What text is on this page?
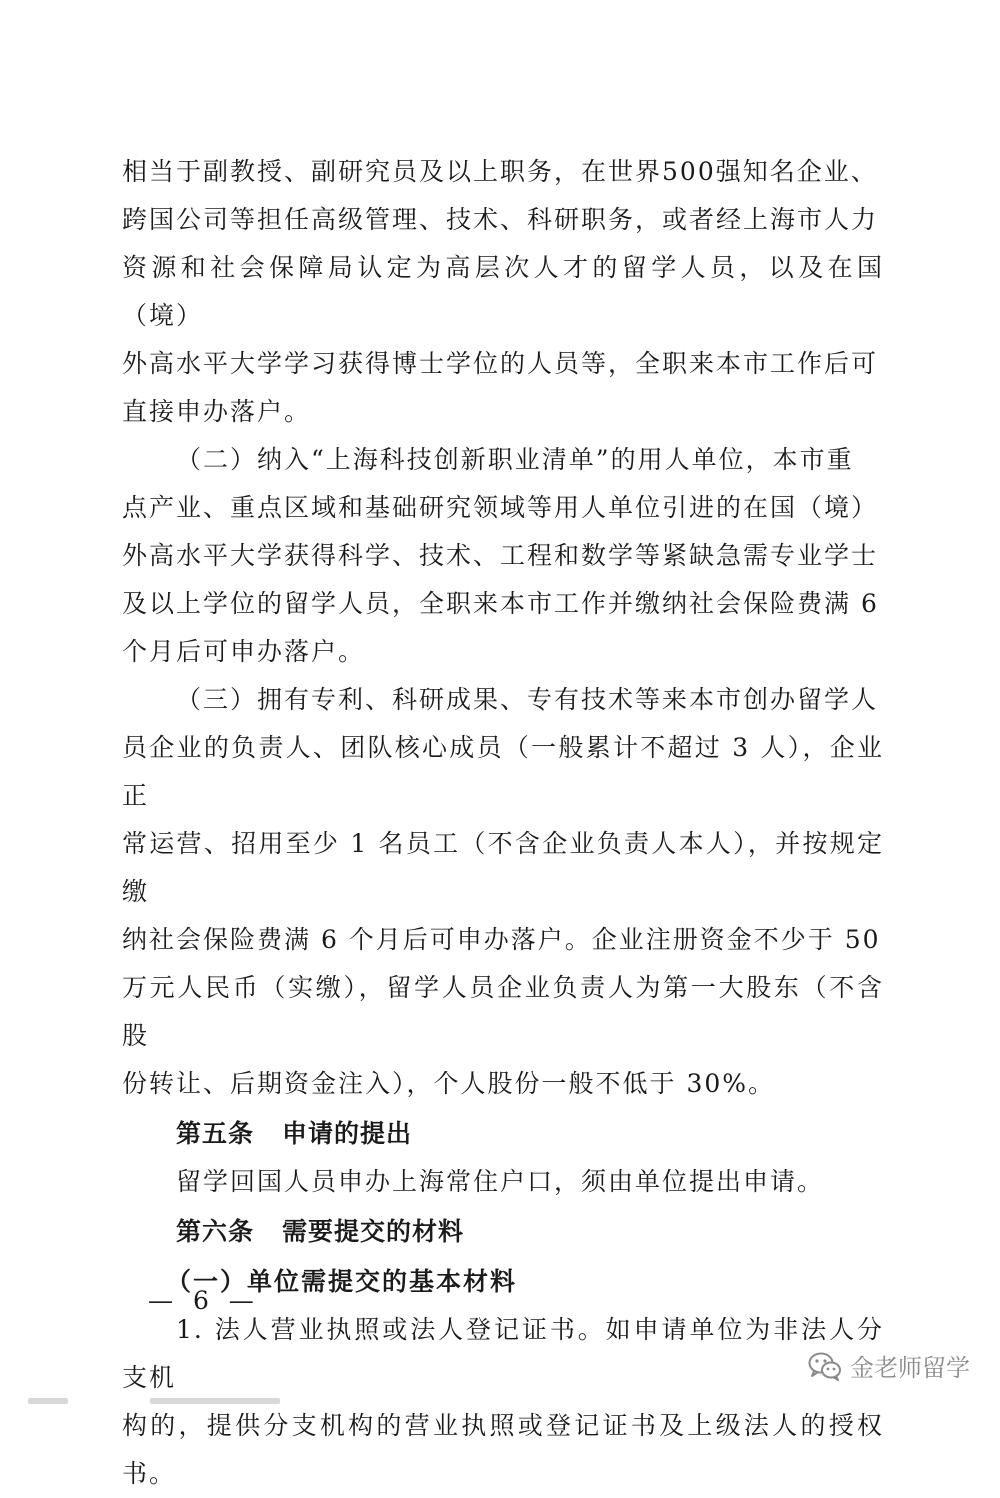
相当于副教授、副研究员及以上职务，在世界500强知名企业、
跨国公司等担任高级管理、技术、科研职务，或者经上海市人力
资源和社会保障局认定为高层次人才的留学人员，以及在国（境）
外高水平大学学习获得博士学位的人员等，全职来本市工作后可
直接申办落户。

（二）纳入“上海科技创新职业清单”的用人单位，本市重
点产业、重点区域和基础研究领域等用人单位引进的在国（境）
外高水平大学获得科学、技术、工程和数学等紧缺急需专业学士
及以上学位的留学人员，全职来本市工作并缴纳社会保险费满 6
个月后可申办落户。

（三）拥有专利、科研成果、专有技术等来本市创办留学人
员企业的负责人、团队核心成员（一般累计不超过 3 人），企业正
常运营、招用至少 1 名员工（不含企业负责人本人），并按规定缴
纳社会保险费满 6 个月后可申办落户。企业注册资金不少于 50
万元人民币（实缴），留学人员企业负责人为第一大股东（不含股
份转让、后期资金注入），个人股份一般不低于 30%。

第五条 申请的提出

留学回国人员申办上海常住户口，须由单位提出申请。

第六条 需要提交的材料
（一）单位需提交的基本材料

1. 法人营业执照或法人登记证书。如申请单位为非法人分支机
构的，提供分支机构的营业执照或登记证书及上级法人的授权书。

— 6 —
金老师留学
